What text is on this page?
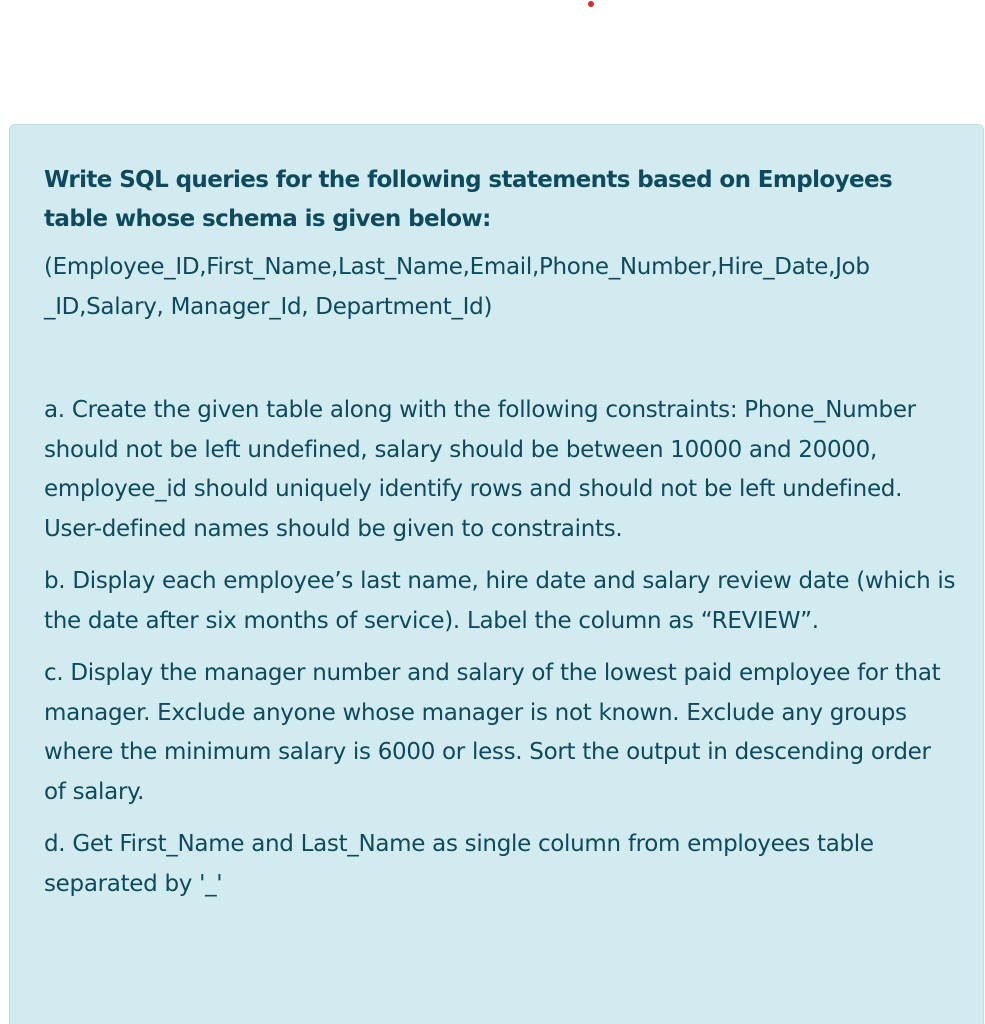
Write SQL queries for the following statements based on Employees table whose schema is given below:

(Employee_ID,First_Name,Last_Name,Email,Phone_Number,Hire_Date,Job _ID,Salary, Manager_Id, Department_Id)

a. Create the given table along with the following constraints: Phone_Number should not be left undefined, salary should be between 10000 and 20000, employee_id should uniquely identify rows and should not be left undefined. User-defined names should be given to constraints.

b. Display each employee’s last name, hire date and salary review date (which is the date after six months of service). Label the column as “REVIEW”.

c. Display the manager number and salary of the lowest paid employee for that manager. Exclude anyone whose manager is not known. Exclude any groups where the minimum salary is 6000 or less. Sort the output in descending order of salary.

d. Get First_Name and Last_Name as single column from employees table separated by '_'
